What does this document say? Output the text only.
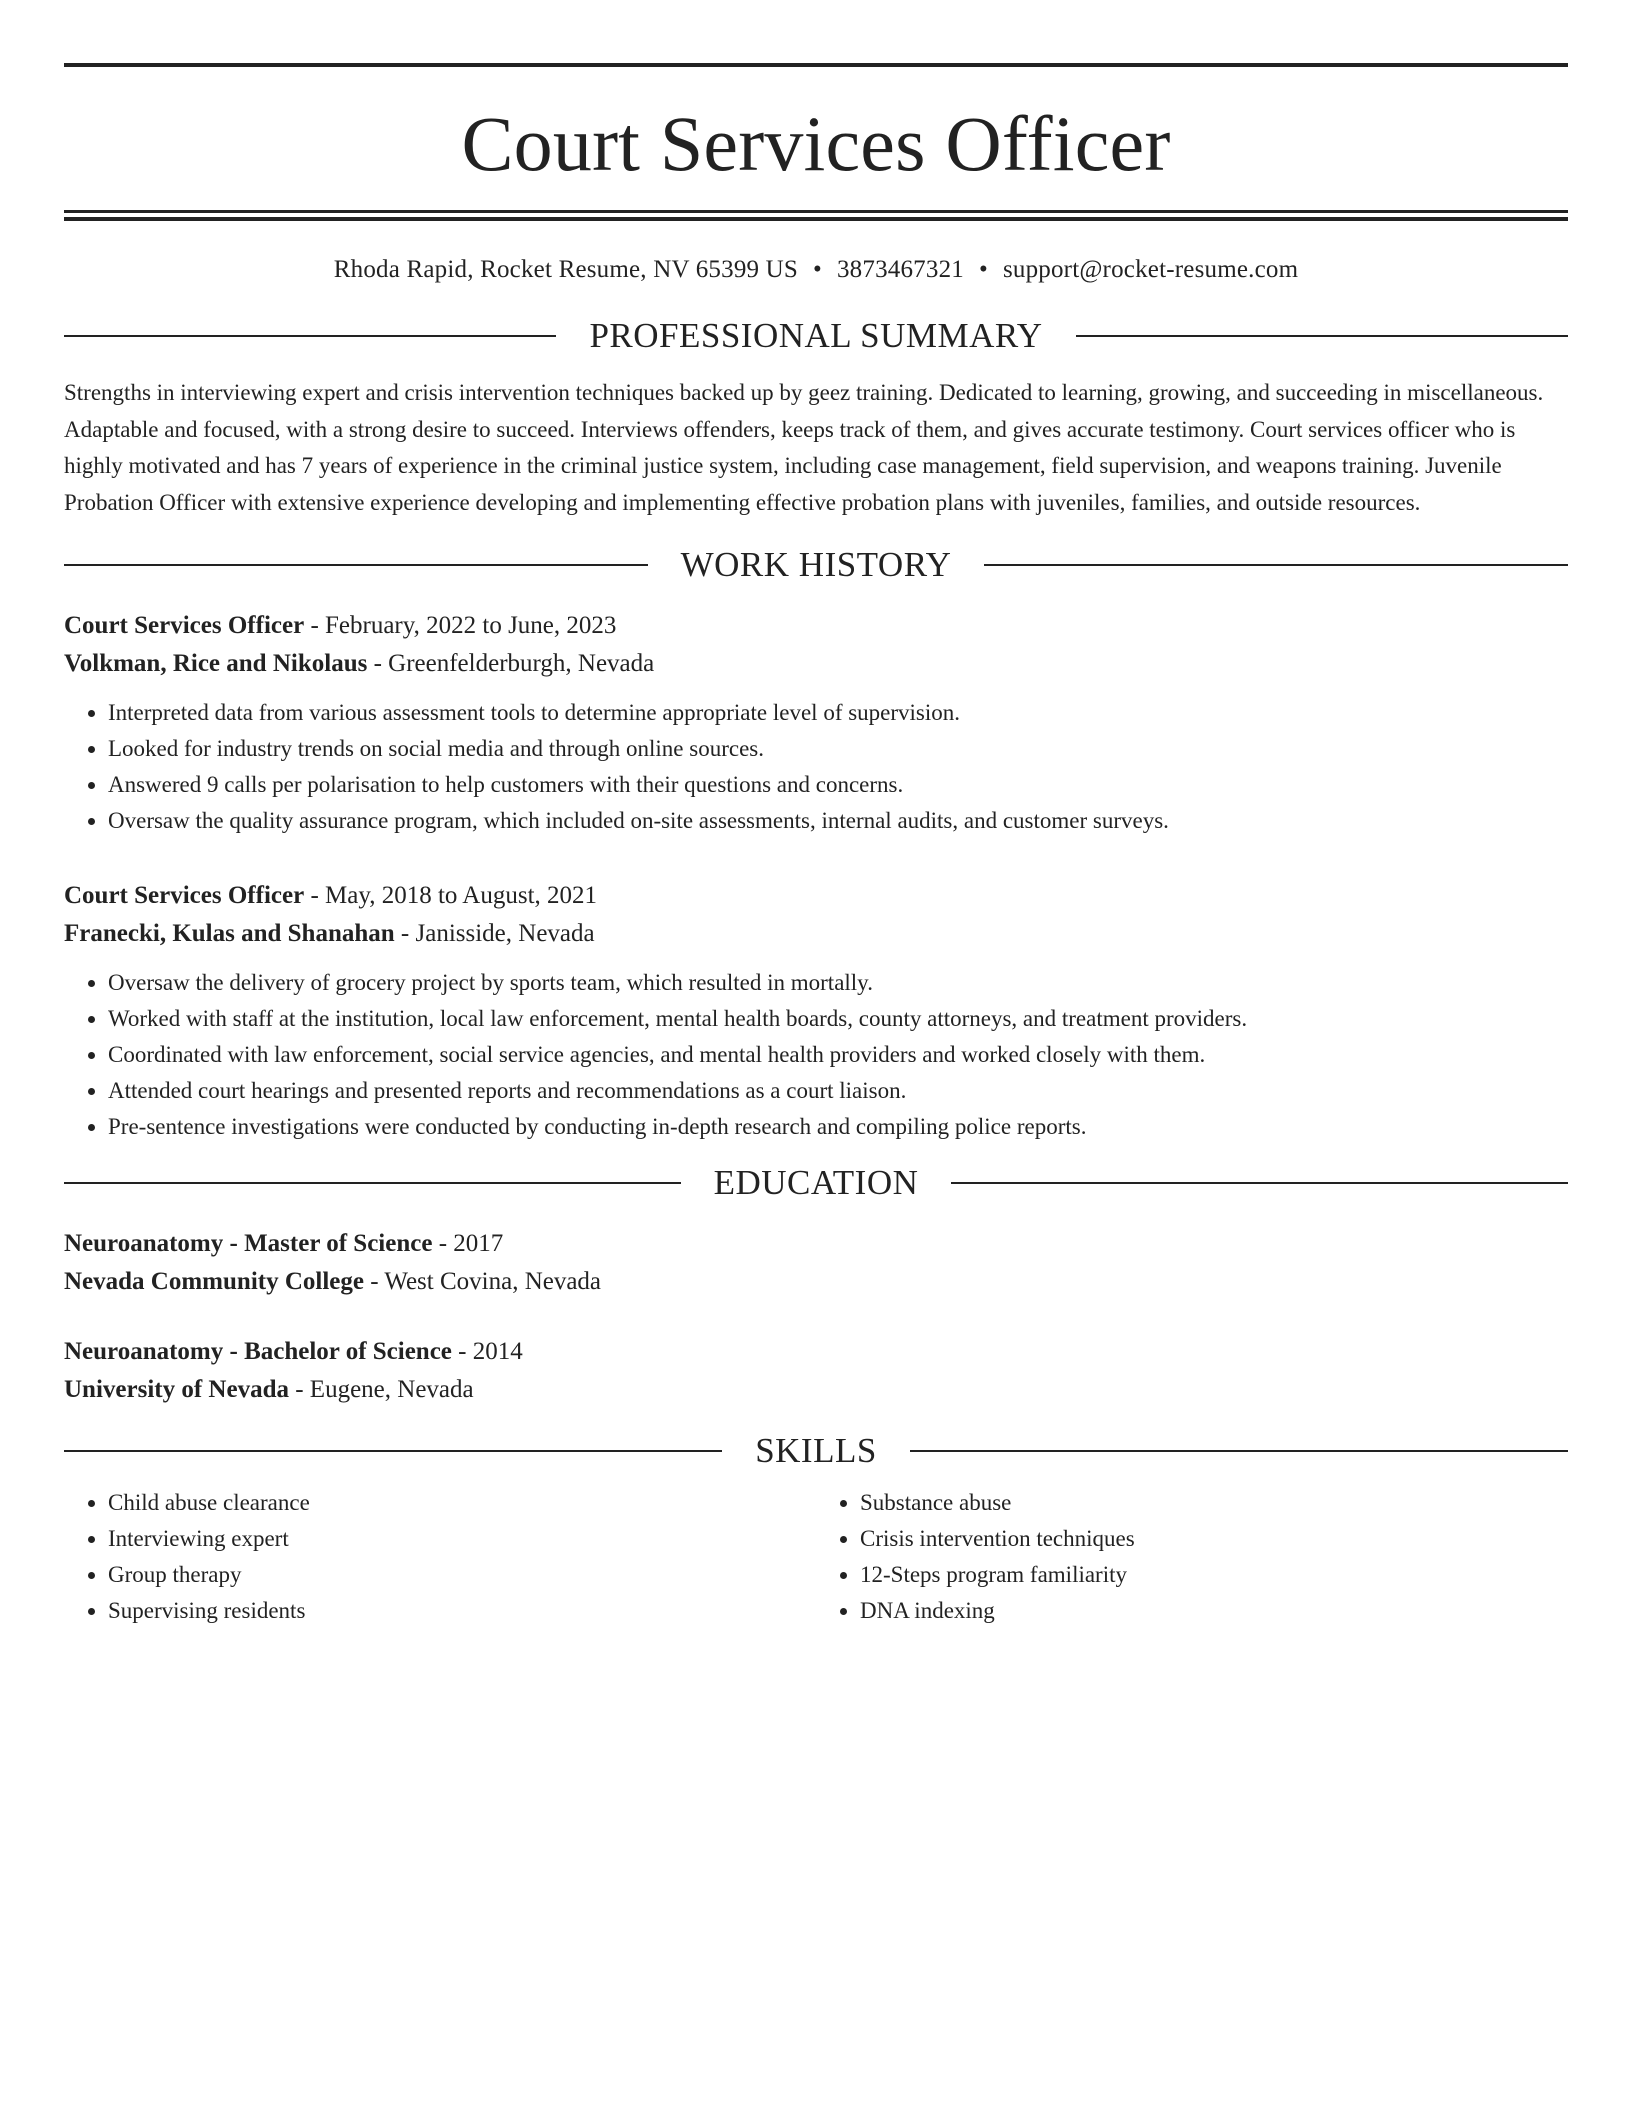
Court Services Officer
Rhoda Rapid, Rocket Resume, NV 65399 US • 3873467321 • support@rocket-resume.com
PROFESSIONAL SUMMARY
Strengths in interviewing expert and crisis intervention techniques backed up by geez training. Dedicated to learning, growing, and succeeding in miscellaneous. Adaptable and focused, with a strong desire to succeed. Interviews offenders, keeps track of them, and gives accurate testimony. Court services officer who is highly motivated and has 7 years of experience in the criminal justice system, including case management, field supervision, and weapons training. Juvenile Probation Officer with extensive experience developing and implementing effective probation plans with juveniles, families, and outside resources.
WORK HISTORY
Court Services Officer - February, 2022 to June, 2023
Volkman, Rice and Nikolaus - Greenfelderburgh, Nevada
• Interpreted data from various assessment tools to determine appropriate level of supervision.
• Looked for industry trends on social media and through online sources.
• Answered 9 calls per polarisation to help customers with their questions and concerns.
• Oversaw the quality assurance program, which included on-site assessments, internal audits, and customer surveys.
Court Services Officer - May, 2018 to August, 2021
Franecki, Kulas and Shanahan - Janisside, Nevada
• Oversaw the delivery of grocery project by sports team, which resulted in mortally.
• Worked with staff at the institution, local law enforcement, mental health boards, county attorneys, and treatment providers.
• Coordinated with law enforcement, social service agencies, and mental health providers and worked closely with them.
• Attended court hearings and presented reports and recommendations as a court liaison.
• Pre-sentence investigations were conducted by conducting in-depth research and compiling police reports.
EDUCATION
Neuroanatomy - Master of Science - 2017
Nevada Community College - West Covina, Nevada
Neuroanatomy - Bachelor of Science - 2014
University of Nevada - Eugene, Nevada
SKILLS
• Child abuse clearance
• Interviewing expert
• Group therapy
• Supervising residents
• Substance abuse
• Crisis intervention techniques
• 12-Steps program familiarity
• DNA indexing
